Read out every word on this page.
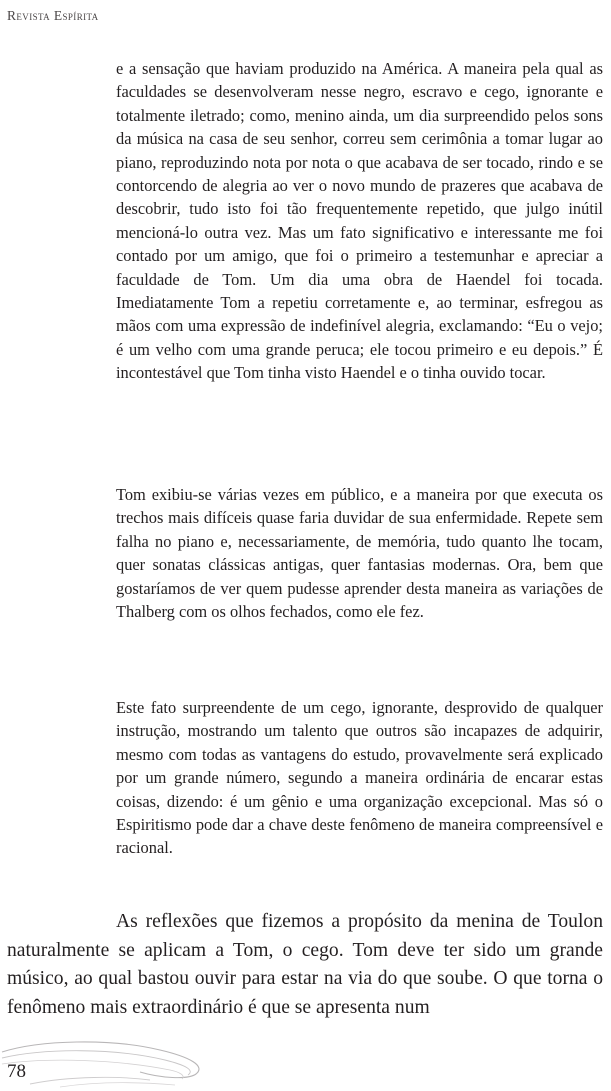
Revista Espírita

e a sensação que haviam produzido na América. A maneira pela qual as faculdades se desenvolveram nesse negro, escravo e cego, ignorante e totalmente iletrado; como, menino ainda, um dia surpreendido pelos sons da música na casa de seu senhor, correu sem cerimônia a tomar lugar ao piano, reproduzindo nota por nota o que acabava de ser tocado, rindo e se contorcendo de alegria ao ver o novo mundo de prazeres que acabava de descobrir, tudo isto foi tão frequentemente repetido, que julgo inútil mencioná-lo outra vez. Mas um fato significativo e interessante me foi contado por um amigo, que foi o primeiro a testemunhar e apreciar a faculdade de Tom. Um dia uma obra de Haendel foi tocada. Imediatamente Tom a repetiu corretamente e, ao terminar, esfregou as mãos com uma expressão de indefinível alegria, exclamando: “Eu o vejo; é um velho com uma grande peruca; ele tocou primeiro e eu depois.” É incontestável que Tom tinha visto Haendel e o tinha ouvido tocar.

Tom exibiu-se várias vezes em público, e a maneira por que executa os trechos mais difíceis quase faria duvidar de sua enfermidade. Repete sem falha no piano e, necessariamente, de memória, tudo quanto lhe tocam, quer sonatas clássicas antigas, quer fantasias modernas. Ora, bem que gostaríamos de ver quem pudesse aprender desta maneira as variações de Thalberg com os olhos fechados, como ele fez.

Este fato surpreendente de um cego, ignorante, desprovido de qualquer instrução, mostrando um talento que outros são incapazes de adquirir, mesmo com todas as vantagens do estudo, provavelmente será explicado por um grande número, segundo a maneira ordinária de encarar estas coisas, dizendo: é um gênio e uma organização excepcional. Mas só o Espiritismo pode dar a chave deste fenômeno de maneira compreensível e racional.

As reflexões que fizemos a propósito da menina de Toulon naturalmente se aplicam a Tom, o cego. Tom deve ter sido um grande músico, ao qual bastou ouvir para estar na via do que soube. O que torna o fenômeno mais extraordinário é que se apresenta num

78
